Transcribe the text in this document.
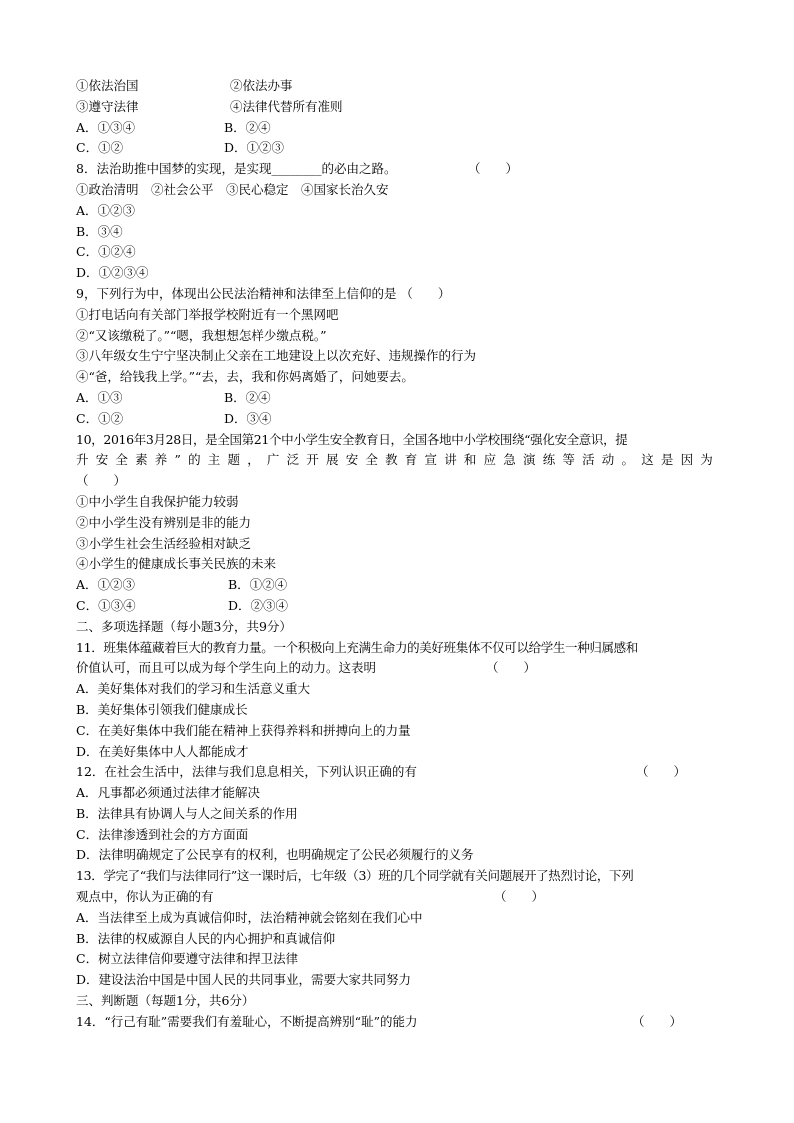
①依法治国	②依法办事
③遵守法律	④法律代替所有准则
A．①③④	B．②④
C．①②	D．①②③
8．法治助推中国梦的实现，是实现________的必由之路。	（　　）
①政治清明　②社会公平　③民心稳定　④国家长治久安
A．①②③
B．③④
C．①②④
D．①②③④
9，下列行为中，体现出公民法治精神和法律至上信仰的是 （　　）
①打电话向有关部门举报学校附近有一个黑网吧
②“又该缴税了。”“嗯，我想想怎样少缴点税。”
③八年级女生宁宁坚决制止父亲在工地建设上以次充好、违规操作的行为
④“爸，给钱我上学。”“去，去，我和你妈离婚了，问她要去。
A．①③	B．②④
C．①②	D．③④
10，2016年3月28日，是全国第21个中小学生安全教育日，全国各地中小学校围绕“强化安全意识，提
升安全素养”的主题，广泛开展安全教育宣讲和应急演练等活动。这是因为
（　　）
①中小学生自我保护能力较弱
②中小学生没有辨别是非的能力
③小学生社会生活经验相对缺乏
④小学生的健康成长事关民族的未来
A．①②③	B．①②④
C．①③④	D．②③④
二、多项选择题（每小题3分，共9分）
11．班集体蕴藏着巨大的教育力量。一个积极向上充满生命力的美好班集体不仅可以给学生一种归属感和
价值认可，而且可以成为每个学生向上的动力。这表明	（　　）
A．美好集体对我们的学习和生活意义重大
B．美好集体引领我们健康成长
C．在美好集体中我们能在精神上获得养料和拼搏向上的力量
D．在美好集体中人人都能成才
12．在社会生活中，法律与我们息息相关，下列认识正确的有	（　　）
A．凡事都必须通过法律才能解决
B．法律具有协调人与人之间关系的作用
C．法律渗透到社会的方方面面
D．法律明确规定了公民享有的权利，也明确规定了公民必须履行的义务
13．学完了“我们与法律同行”这一课时后，七年级（3）班的几个同学就有关问题展开了热烈讨论，下列
观点中，你认为正确的有	（　　）
A．当法律至上成为真诚信仰时，法治精神就会铭刻在我们心中
B．法律的权威源自人民的内心拥护和真诚信仰
C．树立法律信仰要遵守法律和捍卫法律
D．建设法治中国是中国人民的共同事业，需要大家共同努力
三、判断题（每题1分，共6分）
14．“行己有耻”需要我们有羞耻心，不断提高辨别“耻”的能力	（　　）
